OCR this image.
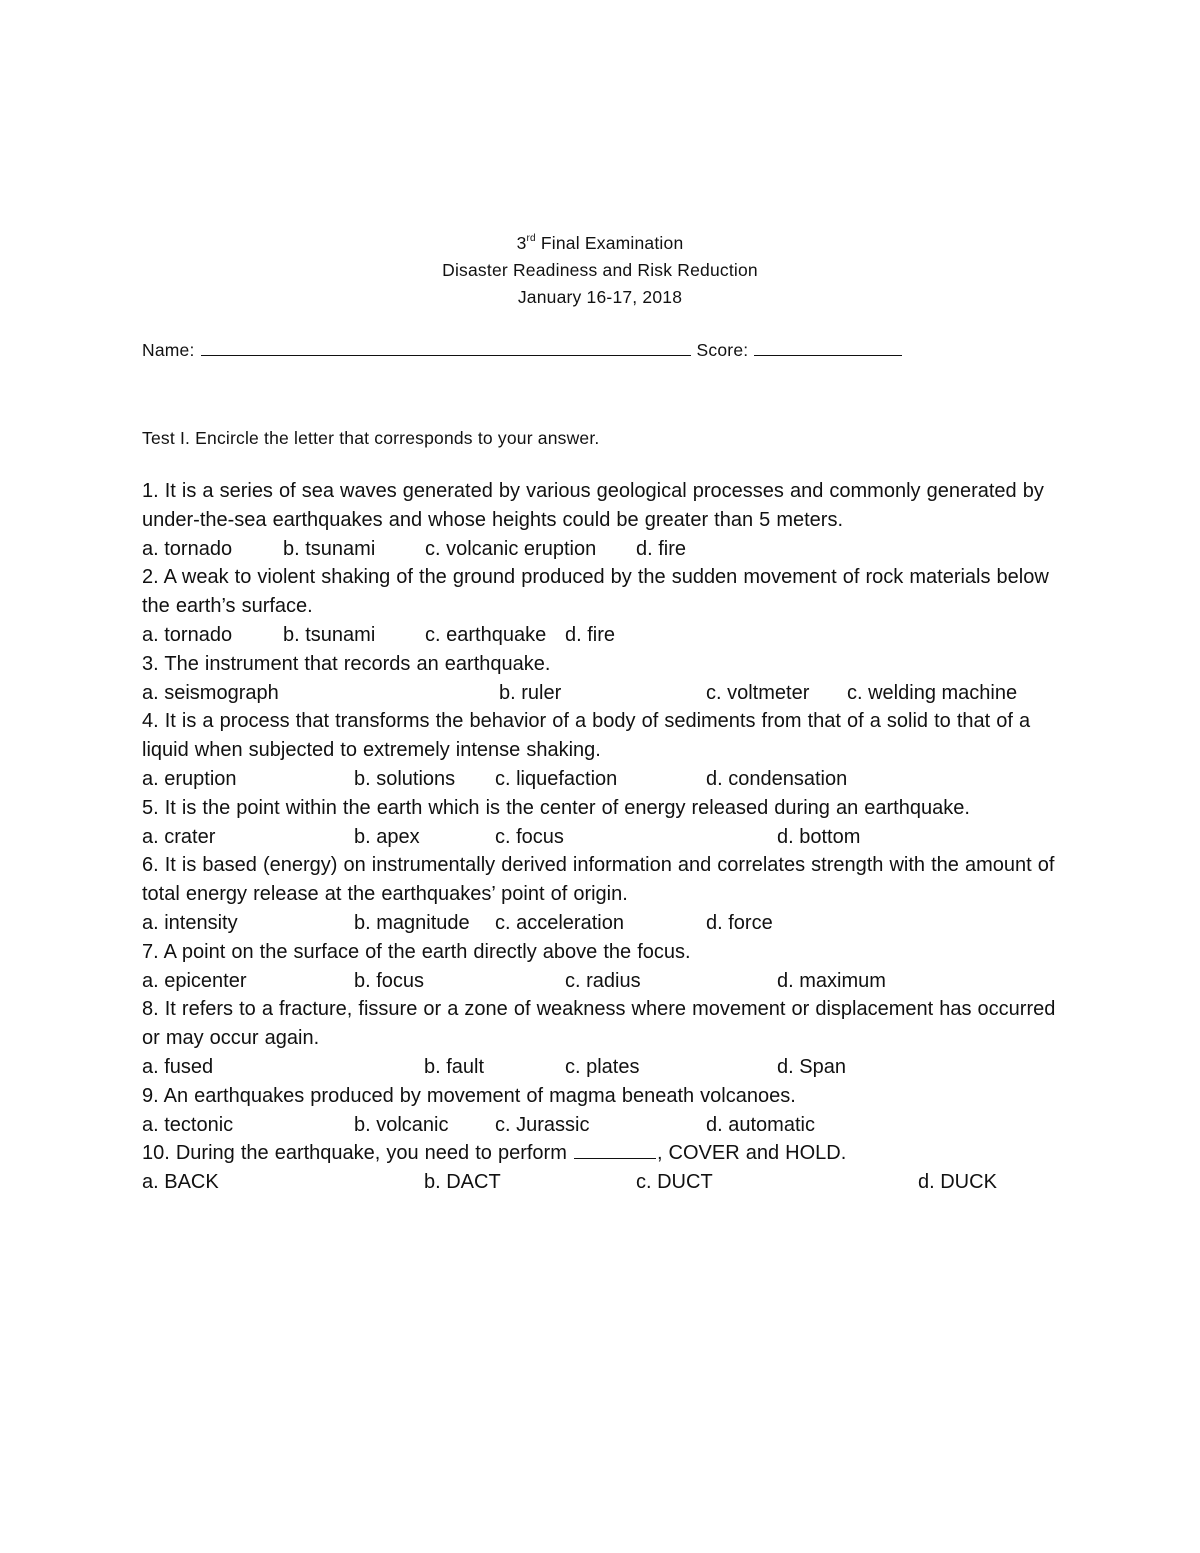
3rd Final Examination
Disaster Readiness and Risk Reduction
January 16-17, 2018
Name:	Score:
Test I. Encircle the letter that corresponds to your answer.
1. It is a series of sea waves generated by various geological processes and commonly generated by under-the-sea earthquakes and whose heights could be greater than 5 meters.
a. tornado	b. tsunami c. volcanic eruption d. fire
2. A weak to violent shaking of the ground produced by the sudden movement of rock materials below the earth’s surface.
a. tornado	b. tsunami c. earthquake d. fire
3. The instrument that records an earthquake.
a. seismograph	b. ruler	c. voltmeter c. welding machine
4. It is a process that transforms the behavior of a body of sediments from that of a solid to that of a liquid when subjected to extremely intense shaking.
a. eruption	b. solutions c. liquefaction	d. condensation
5. It is the point within the earth which is the center of energy released during an earthquake.
a. crater	b. apex	c. focus	d. bottom
6. It is based (energy) on instrumentally derived information and correlates strength with the amount of total energy release at the earthquakes’ point of origin.
a. intensity	b. magnitude c. acceleration	d. force
7. A point on the surface of the earth directly above the focus.
a. epicenter	b. focus	c. radius	d. maximum
8. It refers to a fracture, fissure or a zone of weakness where movement or displacement has occurred or may occur again.
a. fused	b. fault	c. plates	d. Span
9. An earthquakes produced by movement of magma beneath volcanoes.
a. tectonic	b. volcanic c. Jurassic	d. automatic
10. During the earthquake, you need to perform	, COVER and HOLD.
a. BACK	b. DACT	c. DUCT	d. DUCK
